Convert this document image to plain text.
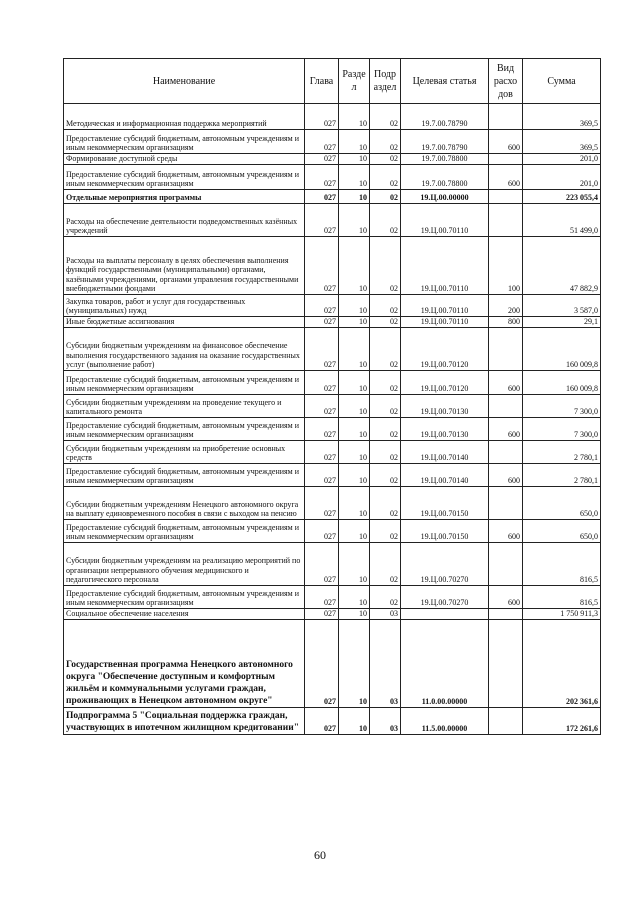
Наименование	Глава	Разде л	Подр аздел	Целевая статья	Вид расхо дов	Сумма
Методическая и информационная поддержка мероприятий	027	10	02	19.7.00.78790		369,5
Предоставление субсидий бюджетным, автономным учреждениям и иным некоммерческим организациям	027	10	02	19.7.00.78790	600	369,5
Формирование доступной среды	027	10	02	19.7.00.78800		201,0
Предоставление субсидий бюджетным, автономным учреждениям и иным некоммерческим организациям	027	10	02	19.7.00.78800	600	201,0
Отдельные мероприятия программы	027	10	02	19.Ц.00.00000		223 055,4
Расходы на обеспечение деятельности подведомственных казённых учреждений	027	10	02	19.Ц.00.70110		51 499,0
Расходы на выплаты персоналу в целях обеспечения выполнения функций государственными (муниципальными) органами, казёнными учреждениями, органами управления государственными внебюджетными фондами	027	10	02	19.Ц.00.70110	100	47 882,9
Закупка товаров, работ и услуг для государственных (муниципальных) нужд	027	10	02	19.Ц.00.70110	200	3 587,0
Иные бюджетные ассигнования	027	10	02	19.Ц.00.70110	800	29,1
Субсидии бюджетным учреждениям на финансовое обеспечение выполнения государственного задания на оказание государственных услуг (выполнение работ)	027	10	02	19.Ц.00.70120		160 009,8
Предоставление субсидий бюджетным, автономным учреждениям и иным некоммерческим организациям	027	10	02	19.Ц.00.70120	600	160 009,8
Субсидии бюджетным учреждениям на проведение текущего и капитального ремонта	027	10	02	19.Ц.00.70130		7 300,0
Предоставление субсидий бюджетным, автономным учреждениям и иным некоммерческим организациям	027	10	02	19.Ц.00.70130	600	7 300,0
Субсидии бюджетным учреждениям на приобретение основных средств	027	10	02	19.Ц.00.70140		2 780,1
Предоставление субсидий бюджетным, автономным учреждениям и иным некоммерческим организациям	027	10	02	19.Ц.00.70140	600	2 780,1
Субсидии бюджетным учреждениям Ненецкого автономного округа на выплату единовременного пособия в связи с выходом на пенсию	027	10	02	19.Ц.00.70150		650,0
Предоставление субсидий бюджетным, автономным учреждениям и иным некоммерческим организациям	027	10	02	19.Ц.00.70150	600	650,0
Субсидии бюджетным учреждениям на реализацию мероприятий по организации непрерывного обучения медицинского и педагогического персонала	027	10	02	19.Ц.00.70270		816,5
Предоставление субсидий бюджетным, автономным учреждениям и иным некоммерческим организациям	027	10	02	19.Ц.00.70270	600	816,5
Социальное обеспечение населения	027	10	03			1 750 911,3
Государственная программа Ненецкого автономного округа "Обеспечение доступным и комфортным жильём и коммунальными услугами граждан, проживающих в Ненецком автономном округе"	027	10	03	11.0.00.00000		202 361,6
Подпрограмма 5 "Социальная поддержка граждан, участвующих в ипотечном жилищном кредитовании"	027	10	03	11.5.00.00000		172 261,6
60
